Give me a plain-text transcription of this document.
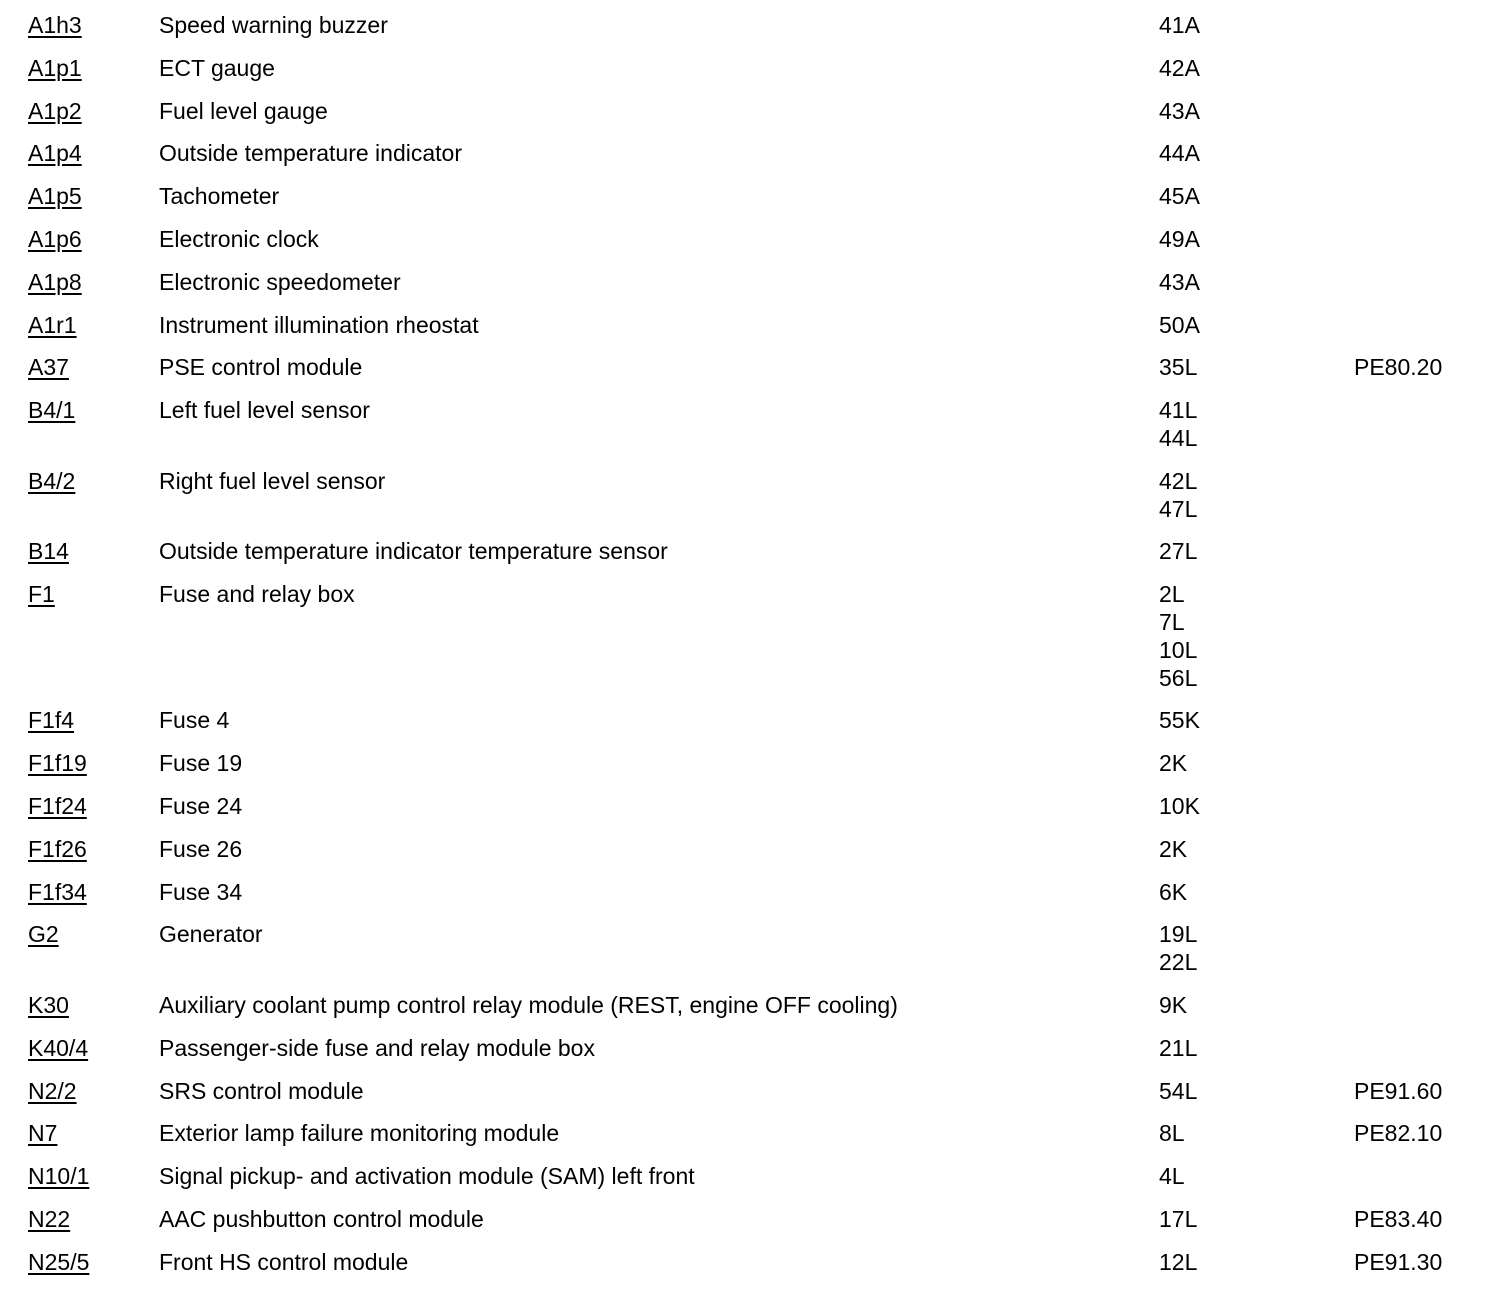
A1h3	Speed warning buzzer	41A	

A1p1	ECT gauge	42A	

A1p2	Fuel level gauge	43A	

A1p4	Outside temperature indicator	44A	

A1p5	Tachometer	45A	

A1p6	Electronic clock	49A	

A1p8	Electronic speedometer	43A	

A1r1	Instrument illumination rheostat	50A	

A37	PSE control module	35L	PE80.20
B4/1	Left fuel level sensor	41L
44L	

B4/2	Right fuel level sensor	42L
47L	

B14	Outside temperature indicator temperature sensor	27L	

F1	Fuse and relay box	2L
7L
10L
56L	

F1f4	Fuse 4	55K	

F1f19	Fuse 19	2K	

F1f24	Fuse 24	10K	

F1f26	Fuse 26	2K	

F1f34	Fuse 34	6K	

G2	Generator	19L
22L	

K30	Auxiliary coolant pump control relay module (REST, engine OFF cooling)	9K	

K40/4	Passenger-side fuse and relay module box	21L	

N2/2	SRS control module	54L	PE91.60
N7	Exterior lamp failure monitoring module	8L	PE82.10
N10/1	Signal pickup- and activation module (SAM) left front	4L	

N22	AAC pushbutton control module	17L	PE83.40
N25/5	Front HS control module	12L	PE91.30
